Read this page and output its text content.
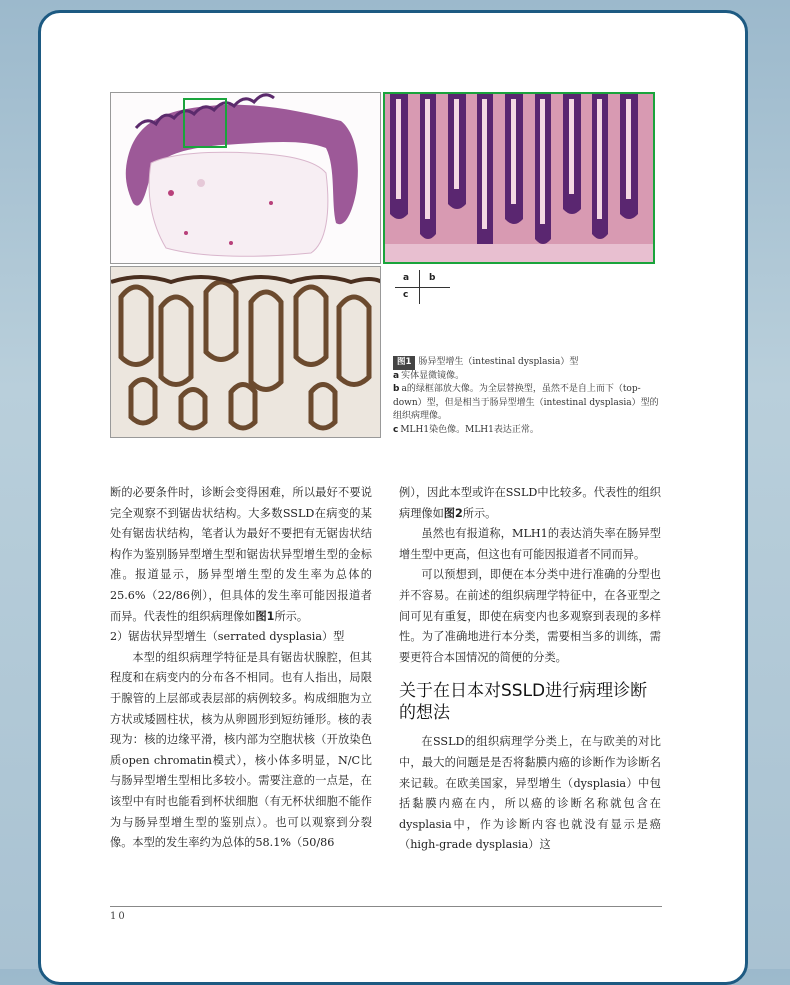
a b
c

图1 肠异型增生（intestinal dysplasia）型

a 实体显微镜像。

b a的绿框部放大像。为全层替换型，虽然不是自上而下（top-down）型，但是相当于肠异型增生（intestinal dysplasia）型的组织病理像。

c MLH1染色像。MLH1表达正常。

断的必要条件时，诊断会变得困难，所以最好不要说完全观察不到锯齿状结构。大多数SSLD在病变的某处有锯齿状结构，笔者认为最好不要把有无锯齿状结构作为鉴别肠异型增生型和锯齿状异型增生型的金标准。报道显示，肠异型增生型的发生率为总体的25.6%（22/86例），但具体的发生率可能因报道者而异。代表性的组织病理像如图1所示。

2）锯齿状异型增生（serrated dysplasia）型

本型的组织病理学特征是具有锯齿状腺腔，但其程度和在病变内的分布各不相同。也有人指出，局限于腺管的上层部或表层部的病例较多。构成细胞为立方状或矮圆柱状，核为从卵圆形到短纺锤形。核的表现为：核的边缘平滑，核内部为空胞状核（开放染色质open chromatin模式），核小体多明显，N/C比与肠异型增生型相比多较小。需要注意的一点是，在该型中有时也能看到杯状细胞（有无杯状细胞不能作为与肠异型增生型的鉴别点）。也可以观察到分裂像。本型的发生率约为总体的58.1%（50/86

例），因此本型或许在SSLD中比较多。代表性的组织病理像如图2所示。

虽然也有报道称，MLH1的表达消失率在肠异型增生型中更高，但这也有可能因报道者不同而异。

可以预想到，即便在本分类中进行准确的分型也并不容易。在前述的组织病理学特征中，在各亚型之间可见有重复，即使在病变内也多观察到表现的多样性。为了准确地进行本分类，需要相当多的训练，需要更符合本国情况的简便的分类。

关于在日本对SSLD进行病理诊断的想法

在SSLD的组织病理学分类上，在与欧美的对比中，最大的问题是是否将黏膜内癌的诊断作为诊断名来记载。在欧美国家，异型增生（dysplasia）中包括黏膜内癌在内，所以癌的诊断名称就包含在dysplasia中，作为诊断内容也就没有显示是癌（high-grade dysplasia）这

10
